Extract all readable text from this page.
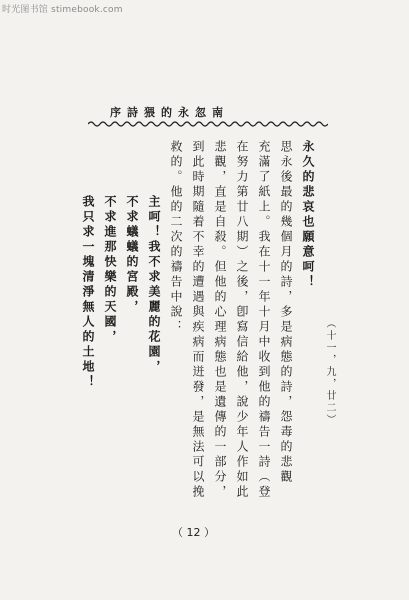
时光图书馆 stimebook.com
序詩猥的永忽南
思永後最的幾個月的詩，多是病態的詩，怨毒的悲觀
充滿了紙上。我在十一年十月中收到他的禱告一詩（登
在努力第廿八期）之後，卽寫信給他，說少年人作如此
悲觀，直是自殺。但他的心理病態也是遺傳的一部分，
到此時期隨着不幸的遭遇與疾病而迸發，是無法可以挽
救的。他的二次的禱告中說：
主呵！我不求美麗的花園，
不求蟻蟻的宮殿，
不求進那快樂的天國，
我只求一塊清淨無人的土地！	永久的悲哀也願意呵！
（十一，九，廿二）
（ 12 ）
